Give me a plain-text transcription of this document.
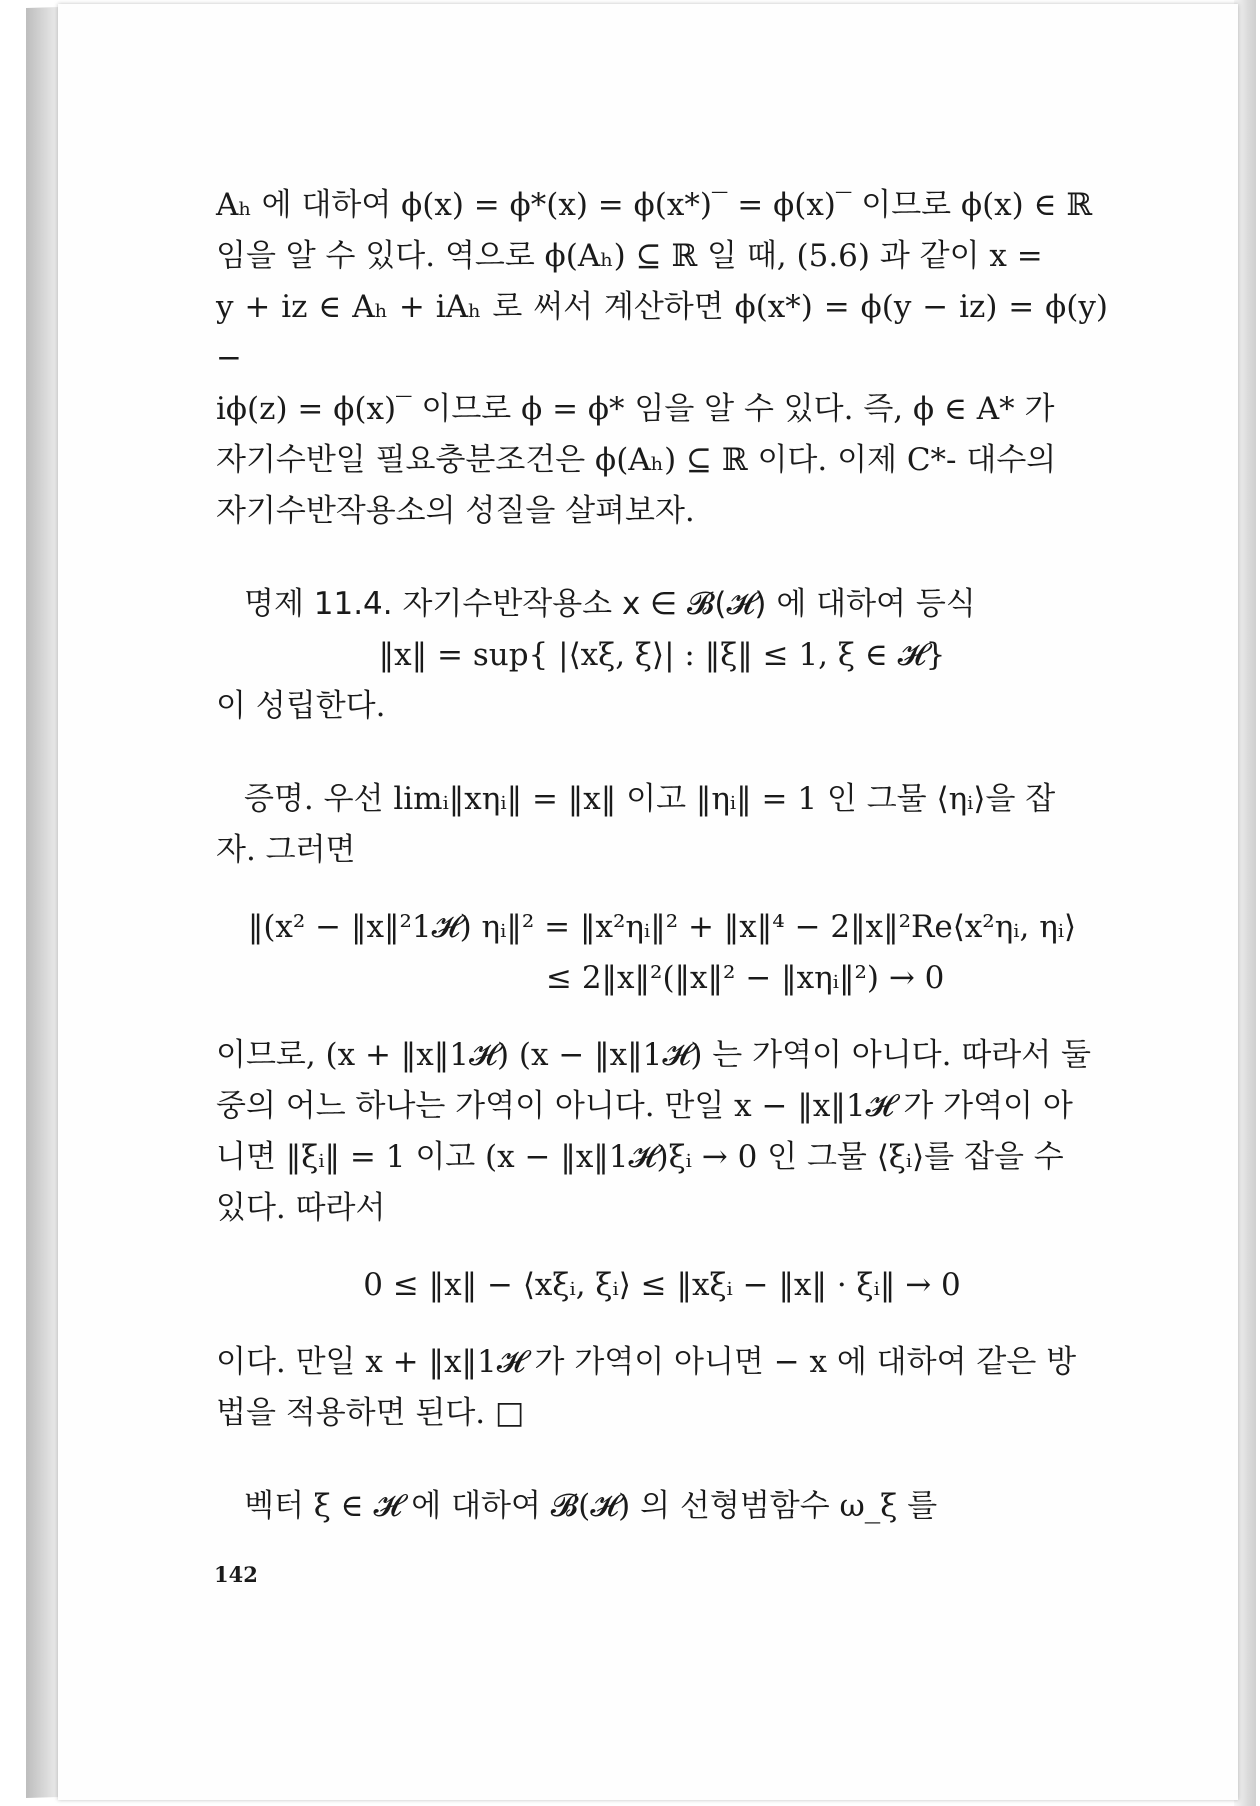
Aₕ 에 대하여 ϕ(x) = ϕ*(x) = ϕ(x*)‾ = ϕ(x)‾ 이므로 ϕ(x) ∈ ℝ
임을 알 수 있다. 역으로 ϕ(Aₕ) ⊆ ℝ 일 때, (5.6) 과 같이 x =
y + iz ∈ Aₕ + iAₕ 로 써서 계산하면 ϕ(x*) = ϕ(y − iz) = ϕ(y) −
iϕ(z) = ϕ(x)‾ 이므로 ϕ = ϕ* 임을 알 수 있다. 즉, ϕ ∈ A* 가
자기수반일 필요충분조건은 ϕ(Aₕ) ⊆ ℝ 이다. 이제 C*- 대수의
자기수반작용소의 성질을 살펴보자.
명제 11.4. 자기수반작용소 x ∈ 𝓑(𝓗) 에 대하여 등식
‖x‖ = sup{ |⟨xξ, ξ⟩| : ‖ξ‖ ≤ 1, ξ ∈ 𝓗}
이 성립한다.
증명. 우선 limᵢ‖xηᵢ‖ = ‖x‖ 이고 ‖ηᵢ‖ = 1 인 그물 ⟨ηᵢ⟩을 잡
자. 그러면
‖(x² − ‖x‖²1𝓗) ηᵢ‖² = ‖x²ηᵢ‖² + ‖x‖⁴ − 2‖x‖²Re⟨x²ηᵢ, ηᵢ⟩
≤ 2‖x‖²(‖x‖² − ‖xηᵢ‖²) → 0
이므로, (x + ‖x‖1𝓗) (x − ‖x‖1𝓗) 는 가역이 아니다. 따라서 둘
중의 어느 하나는 가역이 아니다. 만일 x − ‖x‖1𝓗 가 가역이 아
니면 ‖ξᵢ‖ = 1 이고 (x − ‖x‖1𝓗)ξᵢ → 0 인 그물 ⟨ξᵢ⟩를 잡을 수
있다. 따라서
0 ≤ ‖x‖ − ⟨xξᵢ, ξᵢ⟩ ≤ ‖xξᵢ − ‖x‖ · ξᵢ‖ → 0
이다. 만일 x + ‖x‖1𝓗 가 가역이 아니면 − x 에 대하여 같은 방
법을 적용하면 된다. □
벡터 ξ ∈ 𝓗 에 대하여 𝓑(𝓗) 의 선형범함수 ω_ξ 를
142
